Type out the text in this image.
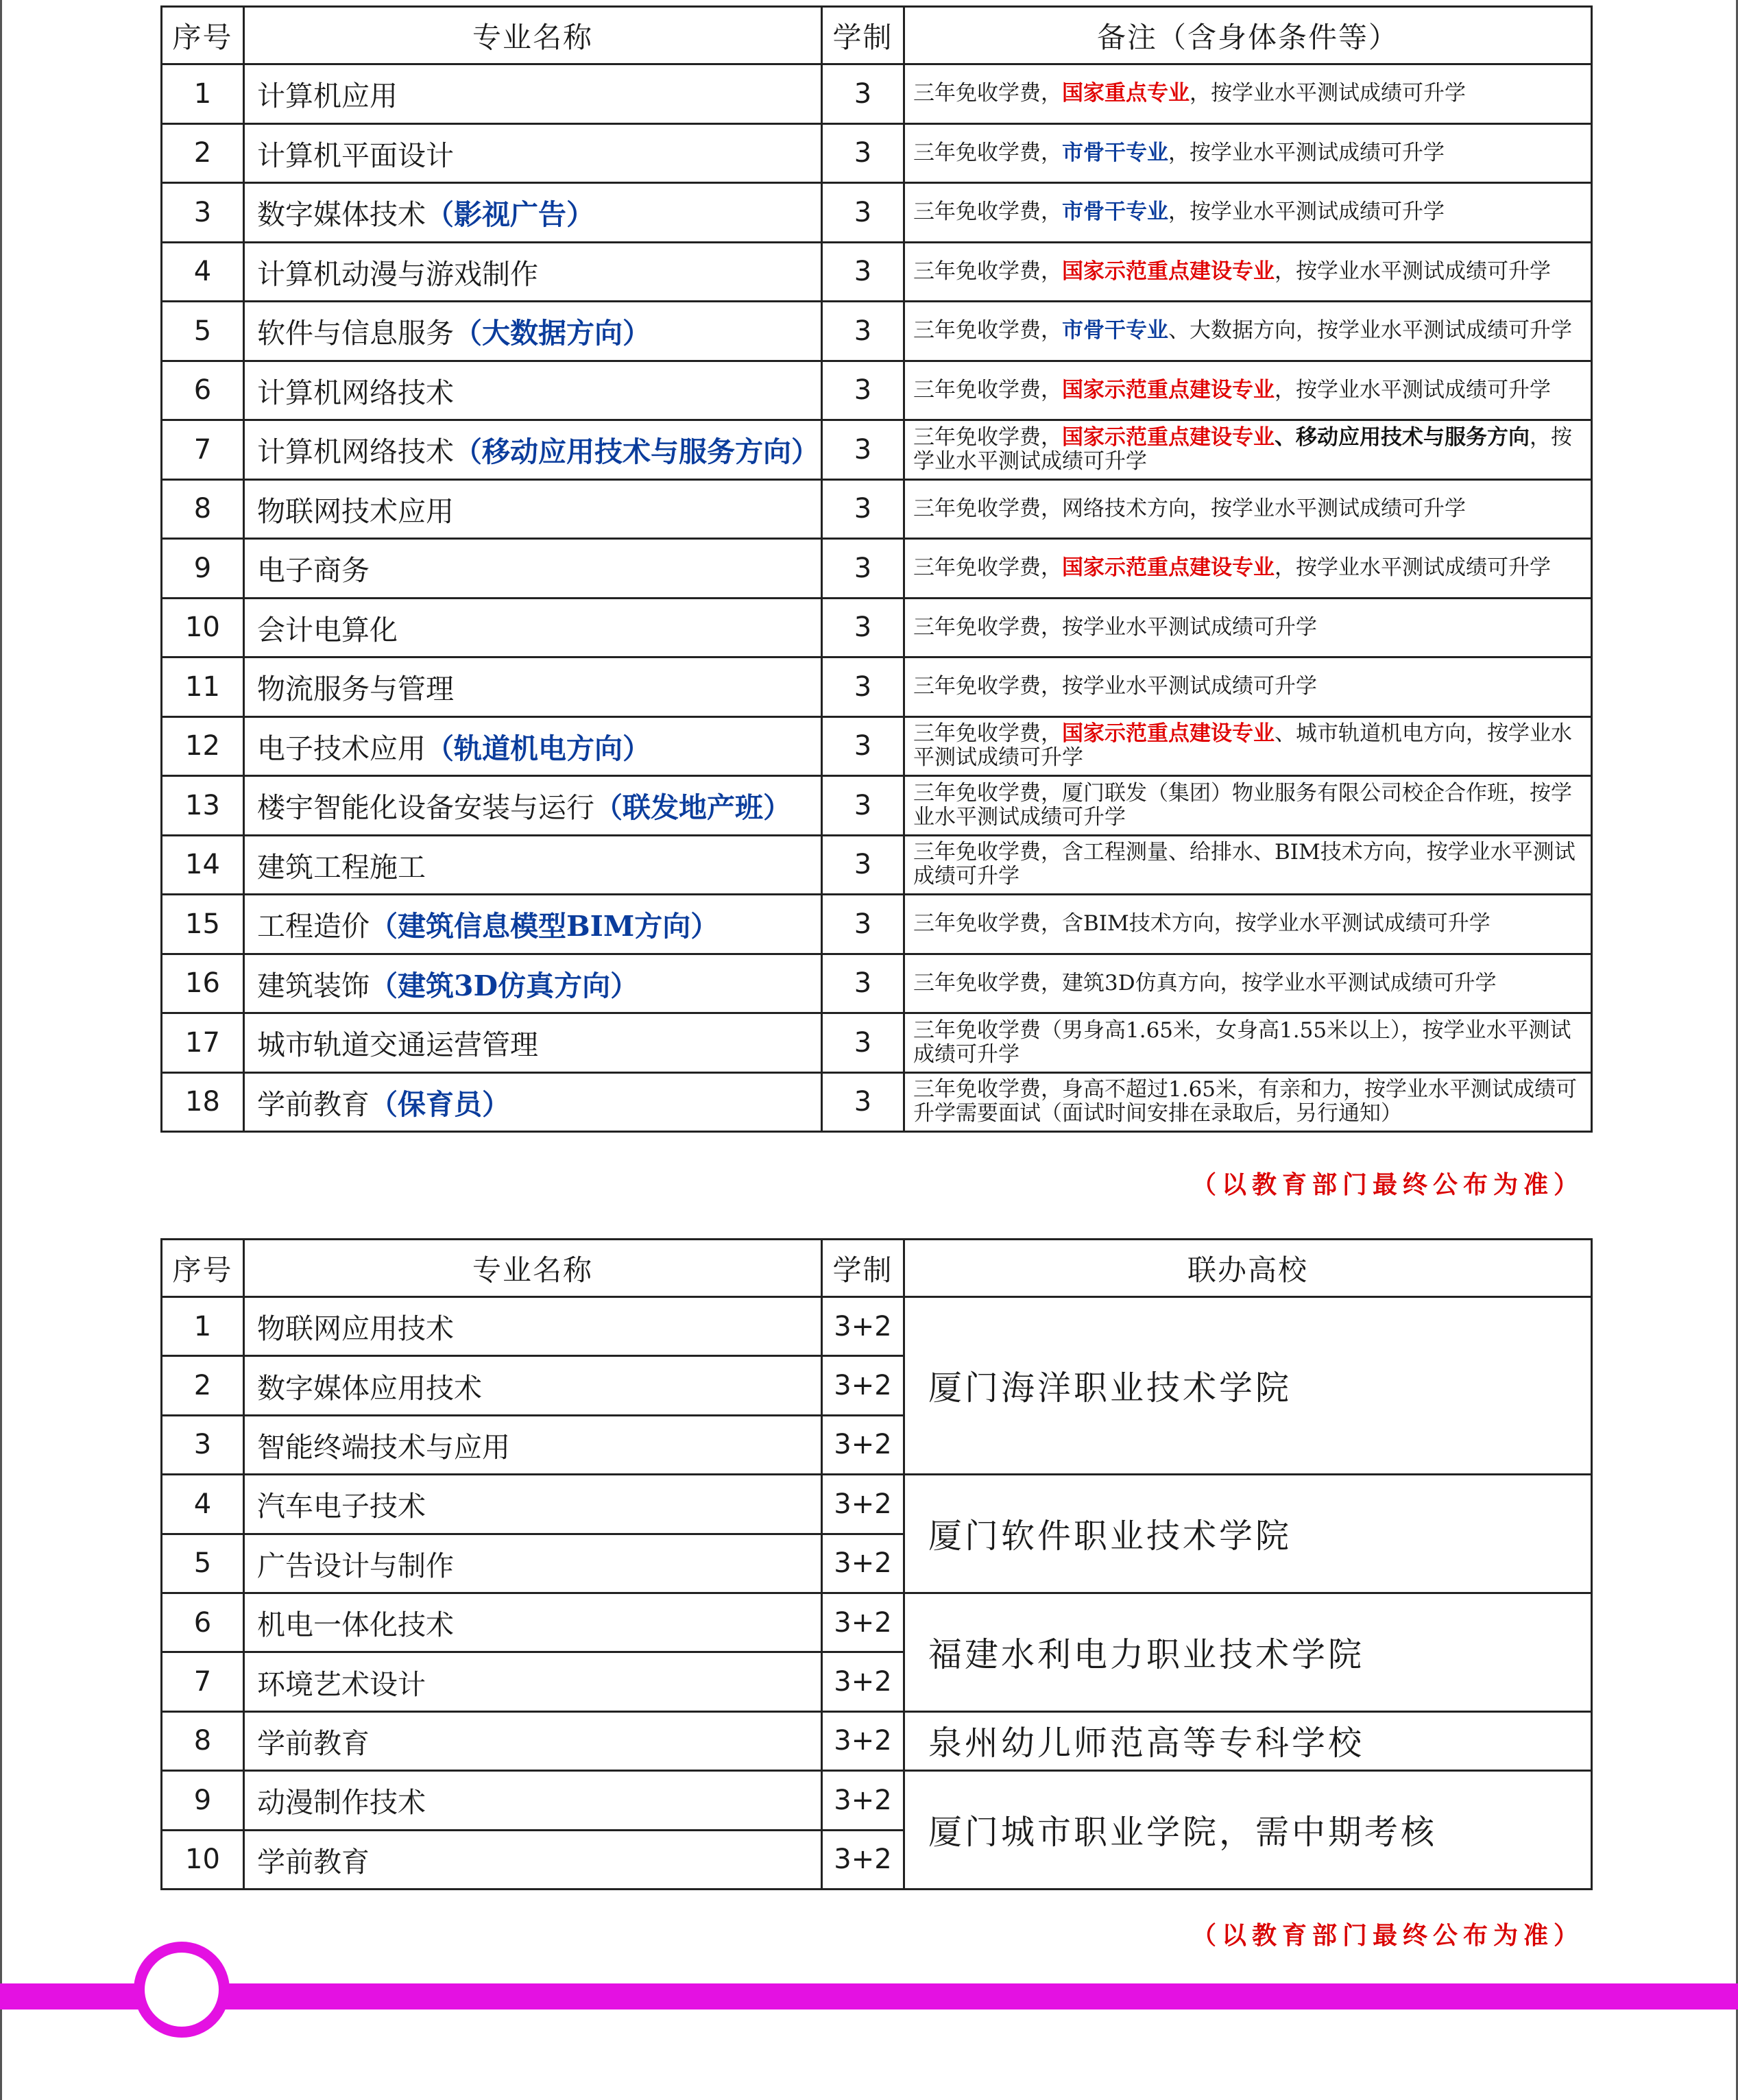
序号	专业名称	学制	备注（含身体条件等）
1	计算机应用	3	三年免收学费，国家重点专业，按学业水平测试成绩可升学
2	计算机平面设计	3	三年免收学费，市骨干专业，按学业水平测试成绩可升学
3	数字媒体技术（影视广告）	3	三年免收学费，市骨干专业，按学业水平测试成绩可升学
4	计算机动漫与游戏制作	3	三年免收学费，国家示范重点建设专业，按学业水平测试成绩可升学
5	软件与信息服务（大数据方向）	3	三年免收学费，市骨干专业、大数据方向，按学业水平测试成绩可升学
6	计算机网络技术	3	三年免收学费，国家示范重点建设专业，按学业水平测试成绩可升学
7	计算机网络技术（移动应用技术与服务方向）	3	三年免收学费，国家示范重点建设专业、移动应用技术与服务方向，按学业水平测试成绩可升学
8	物联网技术应用	3	三年免收学费，网络技术方向，按学业水平测试成绩可升学
9	电子商务	3	三年免收学费，国家示范重点建设专业，按学业水平测试成绩可升学
10	会计电算化	3	三年免收学费，按学业水平测试成绩可升学
11	物流服务与管理	3	三年免收学费，按学业水平测试成绩可升学
12	电子技术应用（轨道机电方向）	3	三年免收学费，国家示范重点建设专业、城市轨道机电方向，按学业水平测试成绩可升学
13	楼宇智能化设备安装与运行（联发地产班）	3	三年免收学费，厦门联发（集团）物业服务有限公司校企合作班，按学业水平测试成绩可升学
14	建筑工程施工	3	三年免收学费，含工程测量、给排水、BIM技术方向，按学业水平测试成绩可升学
15	工程造价（建筑信息模型BIM方向）	3	三年免收学费，含BIM技术方向，按学业水平测试成绩可升学
16	建筑装饰（建筑3D仿真方向）	3	三年免收学费，建筑3D仿真方向，按学业水平测试成绩可升学
17	城市轨道交通运营管理	3	三年免收学费（男身高1.65米，女身高1.55米以上），按学业水平测试成绩可升学
18	学前教育（保育员）	3	三年免收学费，身高不超过1.65米，有亲和力，按学业水平测试成绩可升学需要面试（面试时间安排在录取后，另行通知）
（以教育部门最终公布为准）
序号	专业名称	学制	联办高校
1	物联网应用技术	3+2	厦门海洋职业技术学院
2	数字媒体应用技术	3+2	
3	智能终端技术与应用	3+2	
4	汽车电子技术	3+2	厦门软件职业技术学院
5	广告设计与制作	3+2	
6	机电一体化技术	3+2	福建水利电力职业技术学院
7	环境艺术设计	3+2	
8	学前教育	3+2	泉州幼儿师范高等专科学校
9	动漫制作技术	3+2	厦门城市职业学院，需中期考核
10	学前教育	3+2	
（以教育部门最终公布为准）
